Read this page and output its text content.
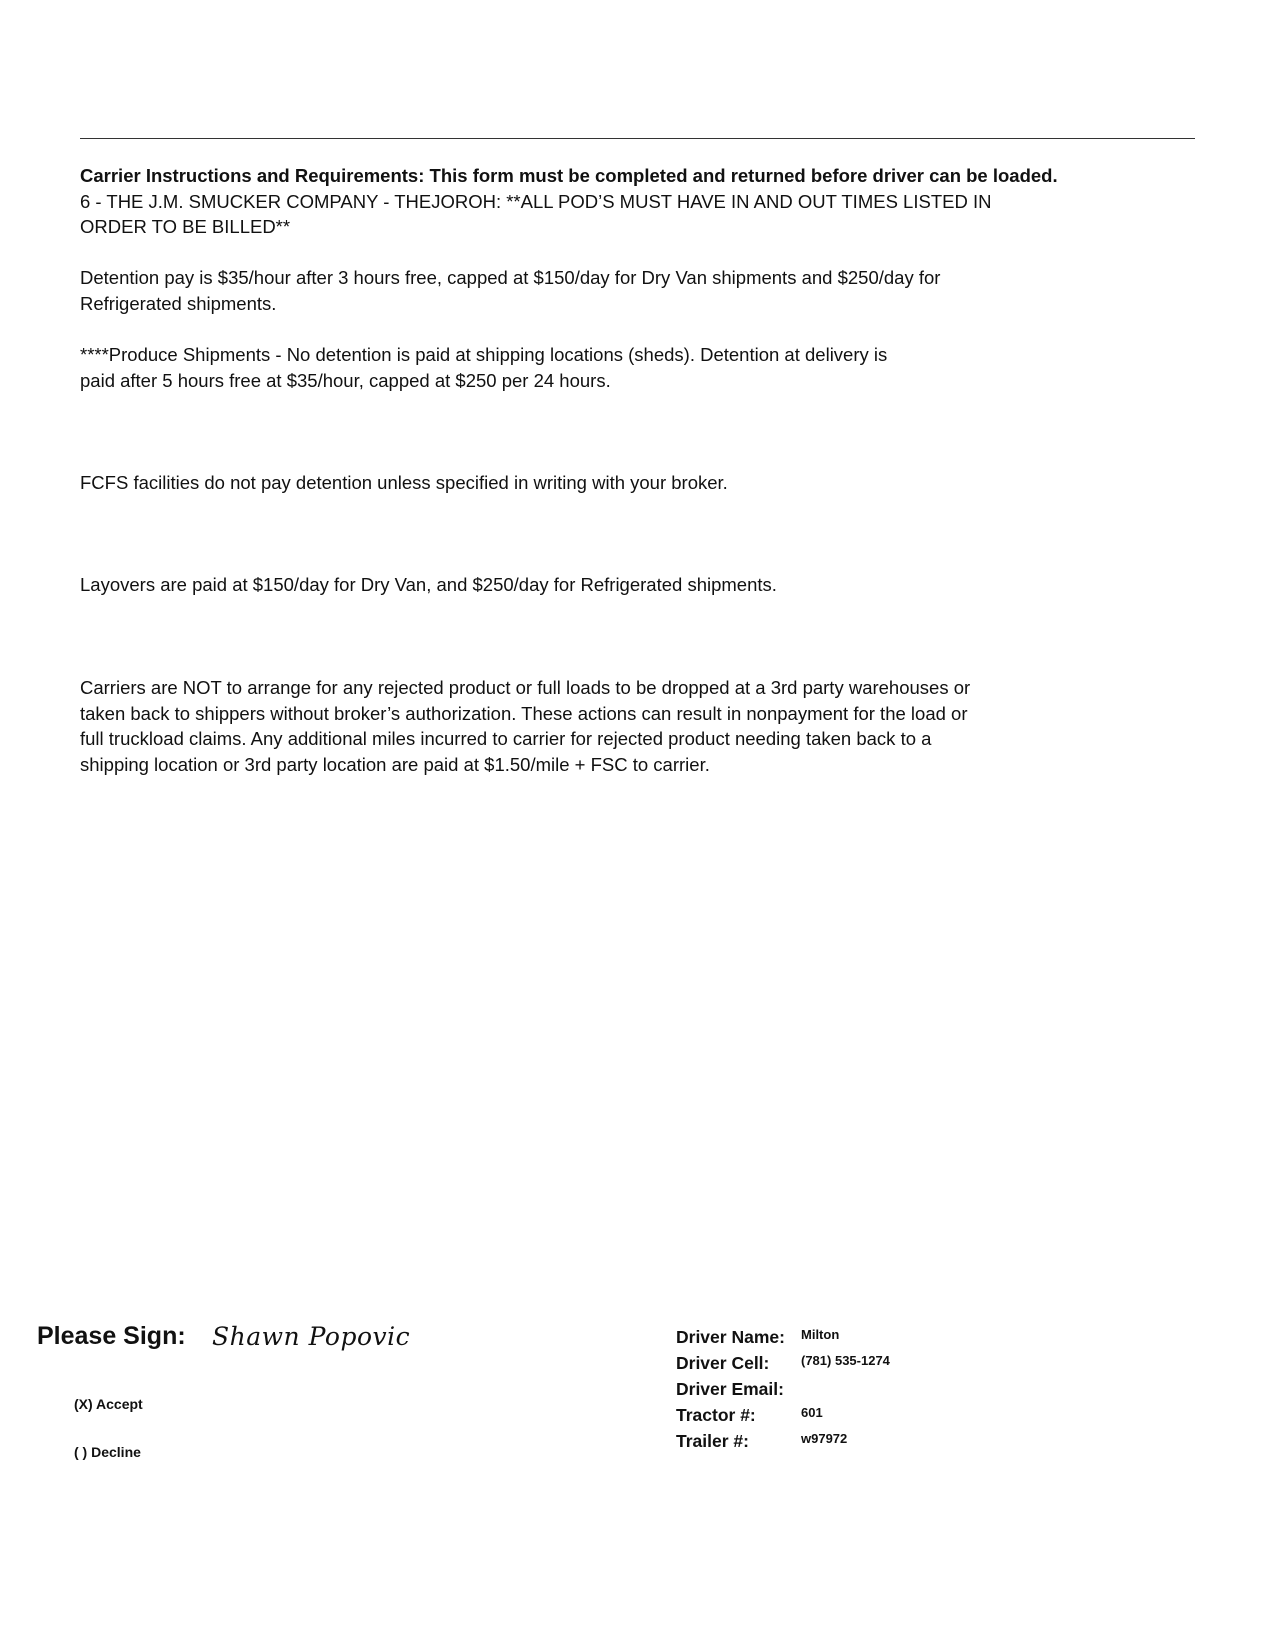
Carrier Instructions and Requirements: This form must be completed and returned before driver can be loaded.
6 - THE J.M. SMUCKER COMPANY - THEJOROH: **ALL POD’S MUST HAVE IN AND OUT TIMES LISTED IN
ORDER TO BE BILLED**
Detention pay is $35/hour after 3 hours free, capped at $150/day for Dry Van shipments and $250/day for
Refrigerated shipments.
****Produce Shipments - No detention is paid at shipping locations (sheds). Detention at delivery is
paid after 5 hours free at $35/hour, capped at $250 per 24 hours.
FCFS facilities do not pay detention unless specified in writing with your broker.
Layovers are paid at $150/day for Dry Van, and $250/day for Refrigerated shipments.
Carriers are NOT to arrange for any rejected product or full loads to be dropped at a 3rd party warehouses or
taken back to shippers without broker’s authorization. These actions can result in nonpayment for the load or
full truckload claims. Any additional miles incurred to carrier for rejected product needing taken back to a
shipping location or 3rd party location are paid at $1.50/mile + FSC to carrier.
Please Sign: Shawn Popovic
(X) Accept
( ) Decline
Driver Name: Milton
Driver Cell: (781) 535-1274
Driver Email:
Tractor #:	601
Trailer #:	w97972
